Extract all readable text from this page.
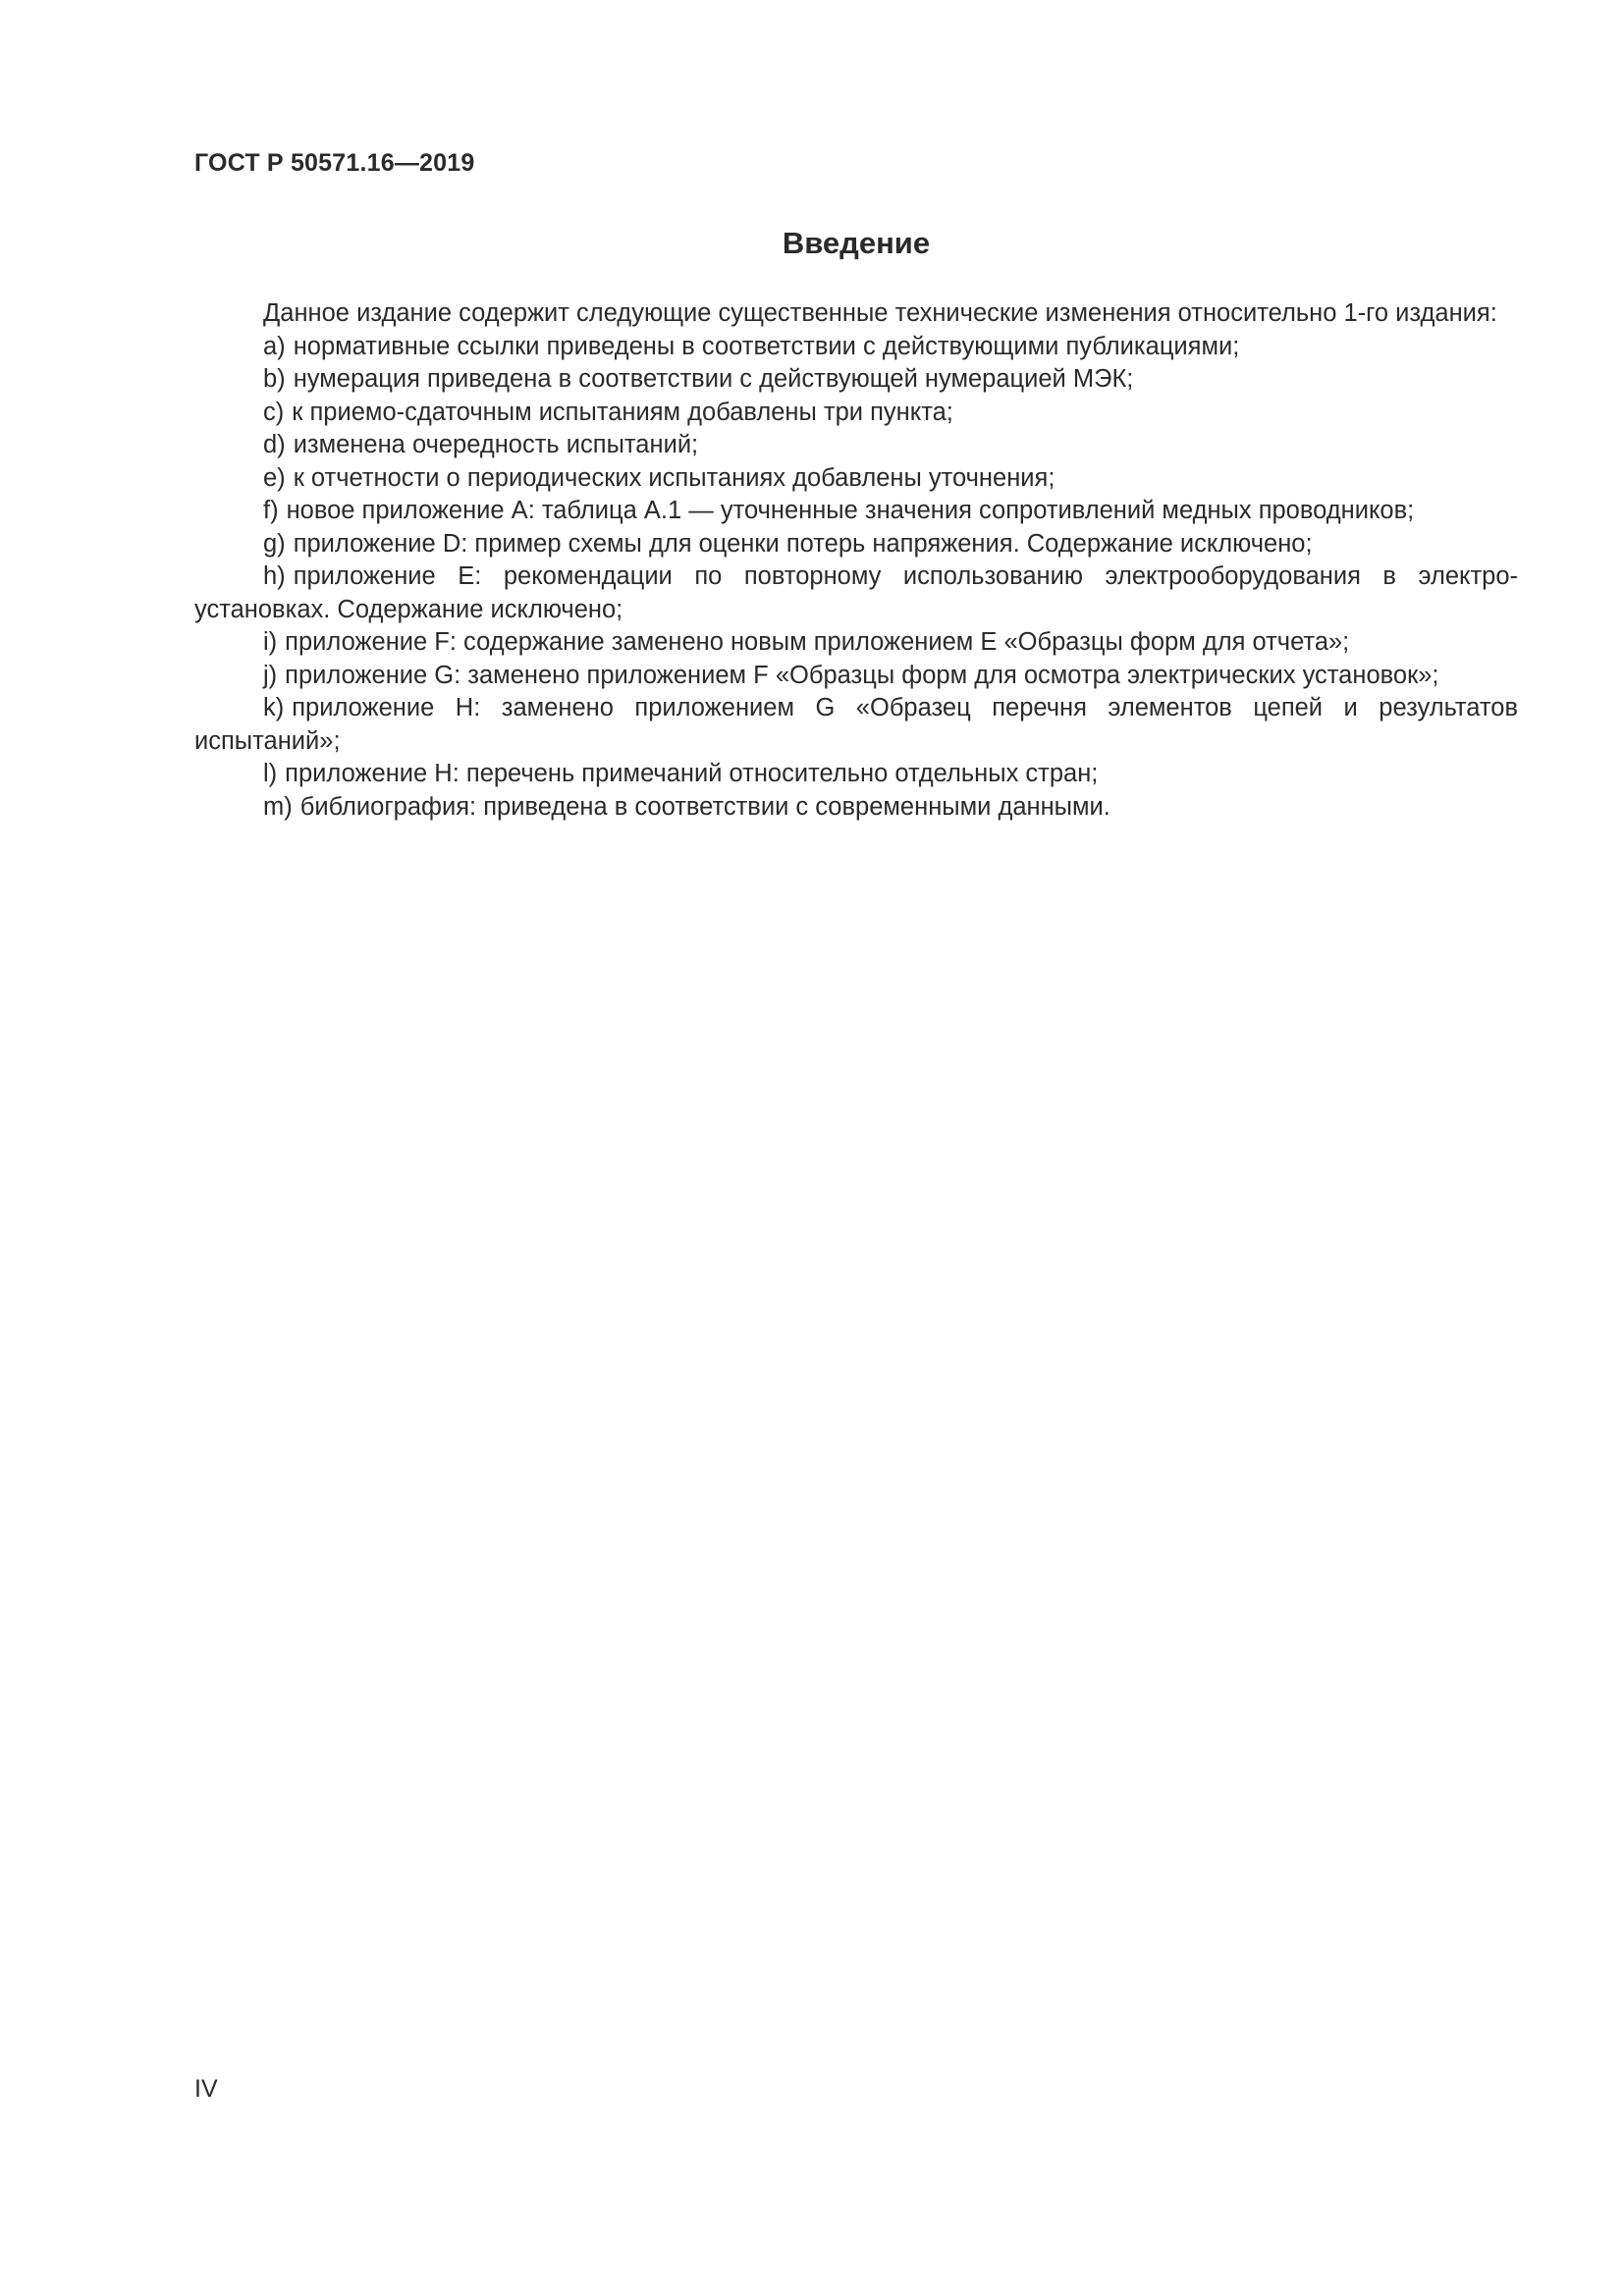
ГОСТ Р 50571.16—2019

Введение

Данное издание содержит следующие существенные технические изменения относительно 1-го издания:

a) нормативные ссылки приведены в соответствии с действующими публикациями;
b) нумерация приведена в соответствии с действующей нумерацией МЭК;
c) к приемо-сдаточным испытаниям добавлены три пункта;
d) изменена очередность испытаний;
e) к отчетности о периодических испытаниях добавлены уточнения;
f) новое приложение А: таблица А.1 — уточненные значения сопротивлений медных проводников;
g) приложение D: пример схемы для оценки потерь напряжения. Содержание исключено;
h) приложение Е: рекомендации по повторному использованию электрооборудования в электроустановках. Содержание исключено;
i) приложение F: содержание заменено новым приложением Е «Образцы форм для отчета»;
j) приложение G: заменено приложением F «Образцы форм для осмотра электрических установок»;
k) приложение Н: заменено приложением G «Образец перечня элементов цепей и результатов испытаний»;
l) приложение Н: перечень примечаний относительно отдельных стран;
m) библиография: приведена в соответствии с современными данными.

IV
